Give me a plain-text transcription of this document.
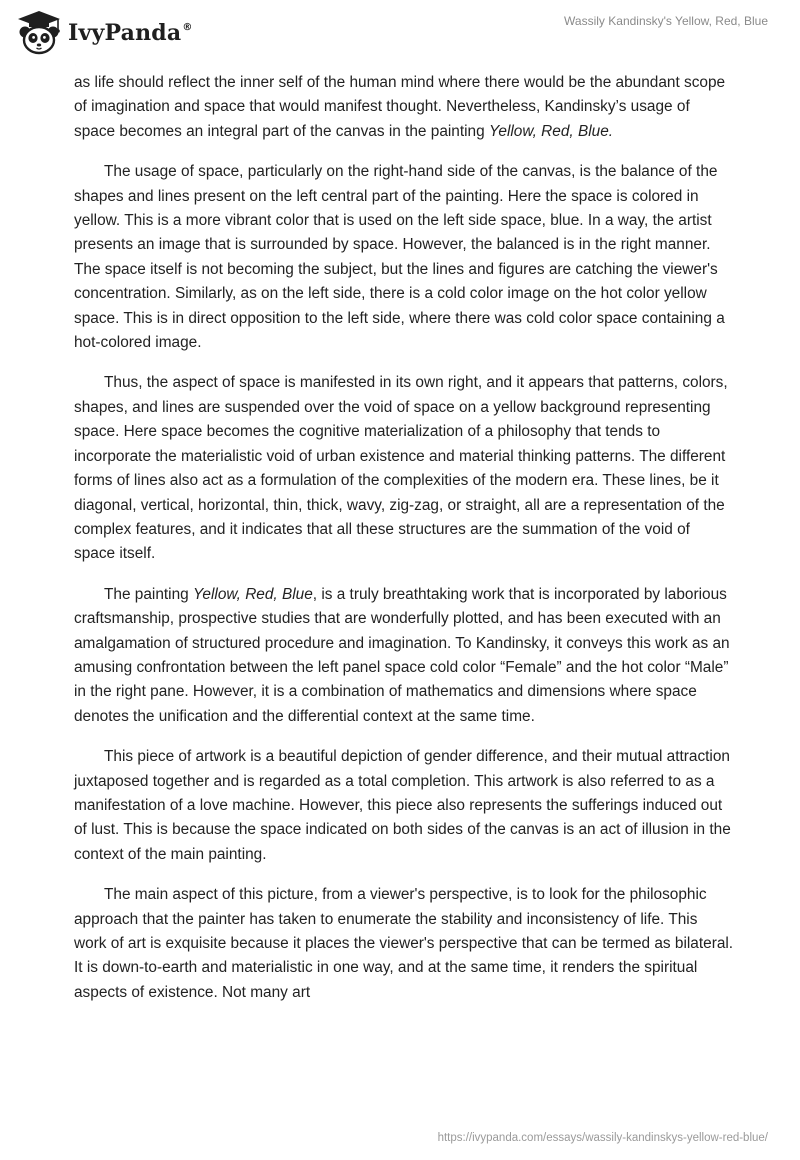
IvyPanda®	Wassily Kandinsky's Yellow, Red, Blue

as life should reflect the inner self of the human mind where there would be the abundant scope of imagination and space that would manifest thought. Nevertheless, Kandinsky’s usage of space becomes an integral part of the canvas in the painting Yellow, Red, Blue.

The usage of space, particularly on the right-hand side of the canvas, is the balance of the shapes and lines present on the left central part of the painting. Here the space is colored in yellow. This is a more vibrant color that is used on the left side space, blue. In a way, the artist presents an image that is surrounded by space. However, the balanced is in the right manner. The space itself is not becoming the subject, but the lines and figures are catching the viewer's concentration. Similarly, as on the left side, there is a cold color image on the hot color yellow space. This is in direct opposition to the left side, where there was cold color space containing a hot-colored image.

Thus, the aspect of space is manifested in its own right, and it appears that patterns, colors, shapes, and lines are suspended over the void of space on a yellow background representing space. Here space becomes the cognitive materialization of a philosophy that tends to incorporate the materialistic void of urban existence and material thinking patterns. The different forms of lines also act as a formulation of the complexities of the modern era. These lines, be it diagonal, vertical, horizontal, thin, thick, wavy, zig-zag, or straight, all are a representation of the complex features, and it indicates that all these structures are the summation of the void of space itself.

The painting Yellow, Red, Blue, is a truly breathtaking work that is incorporated by laborious craftsmanship, prospective studies that are wonderfully plotted, and has been executed with an amalgamation of structured procedure and imagination. To Kandinsky, it conveys this work as an amusing confrontation between the left panel space cold color “Female” and the hot color “Male” in the right pane. However, it is a combination of mathematics and dimensions where space denotes the unification and the differential context at the same time.

This piece of artwork is a beautiful depiction of gender difference, and their mutual attraction juxtaposed together and is regarded as a total completion. This artwork is also referred to as a manifestation of a love machine. However, this piece also represents the sufferings induced out of lust. This is because the space indicated on both sides of the canvas is an act of illusion in the context of the main painting.

The main aspect of this picture, from a viewer's perspective, is to look for the philosophic approach that the painter has taken to enumerate the stability and inconsistency of life. This work of art is exquisite because it places the viewer's perspective that can be termed as bilateral. It is down-to-earth and materialistic in one way, and at the same time, it renders the spiritual aspects of existence. Not many art

https://ivypanda.com/essays/wassily-kandinskys-yellow-red-blue/
